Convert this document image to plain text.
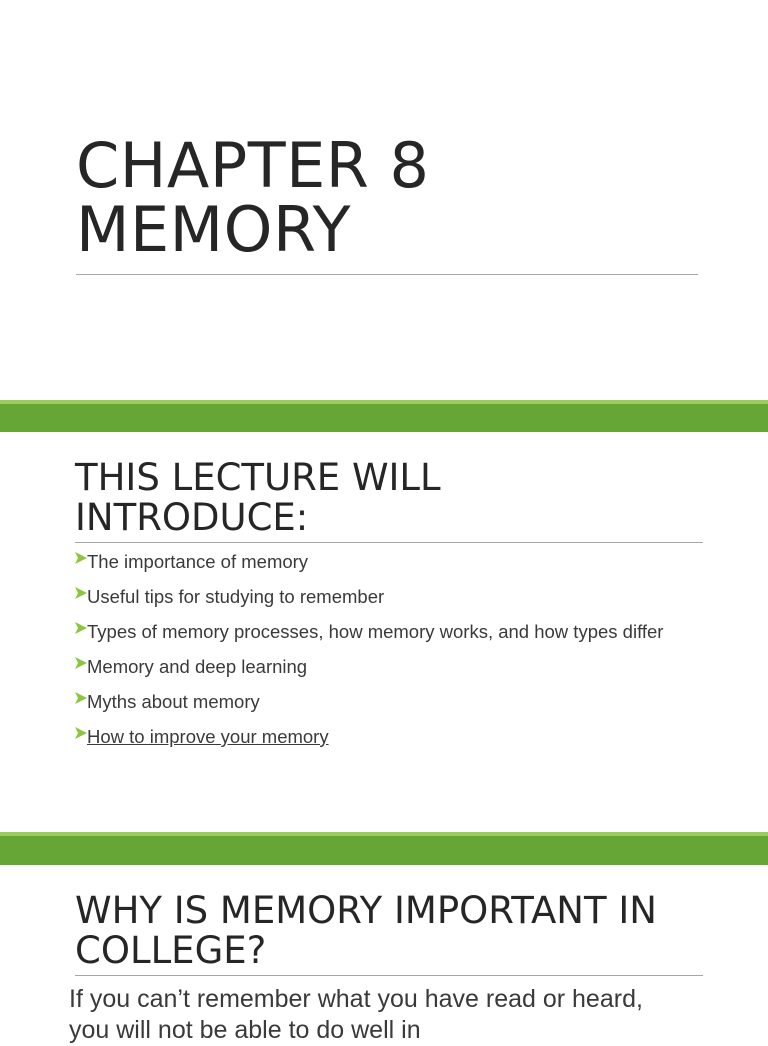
CHAPTER 8
MEMORY
THIS LECTURE WILL
INTRODUCE:
The importance of memory
Useful tips for studying to remember
Types of memory processes, how memory works, and how types differ
Memory and deep learning
Myths about memory
How to improve your memory
WHY IS MEMORY IMPORTANT IN
COLLEGE?

If you can’t remember what you have read or heard,
you will not be able to do well in
